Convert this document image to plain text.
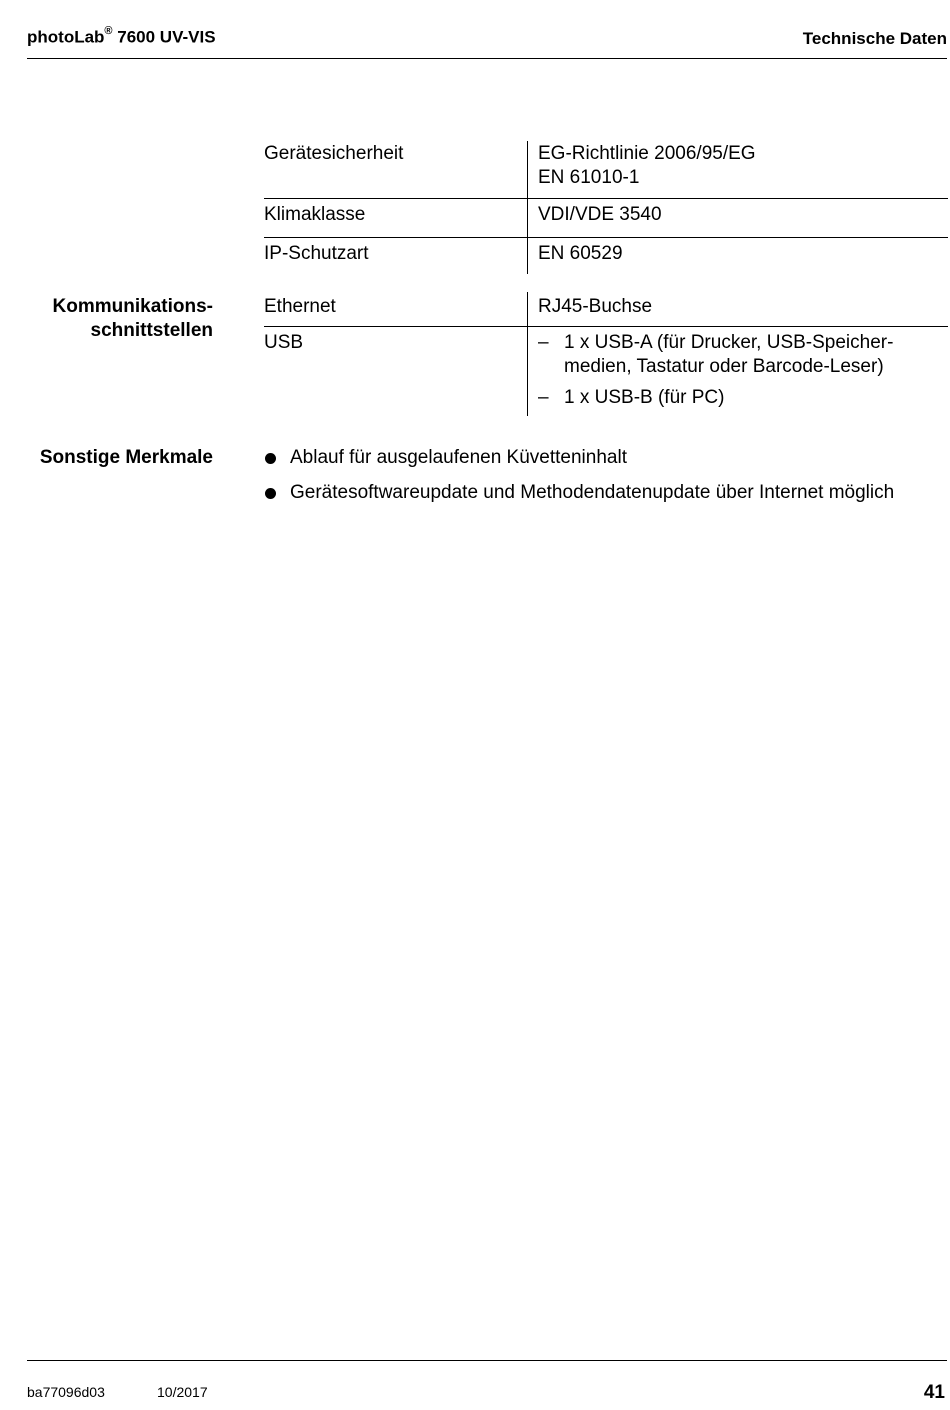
photoLab® 7600 UV-VIS	Technische Daten
Gerätesicherheit	EG-Richtlinie 2006/95/EG
EN 61010-1

Klimaklasse	VDI/VDE 3540
IP-Schutzart	EN 60529
Kommunikations-
schnittstellen
Ethernet	RJ45-Buchse
USB	– 1 x USB-A (für Drucker, USB-Speicher-
medien, Tastatur oder Barcode-Leser)
– 1 x USB-B (für PC)
Sonstige Merkmale	Ablauf für ausgelaufenen Küvetteninhalt
Gerätesoftwareupdate und Methodendatenupdate über Internet möglich
ba77096d03	10/2017	41
